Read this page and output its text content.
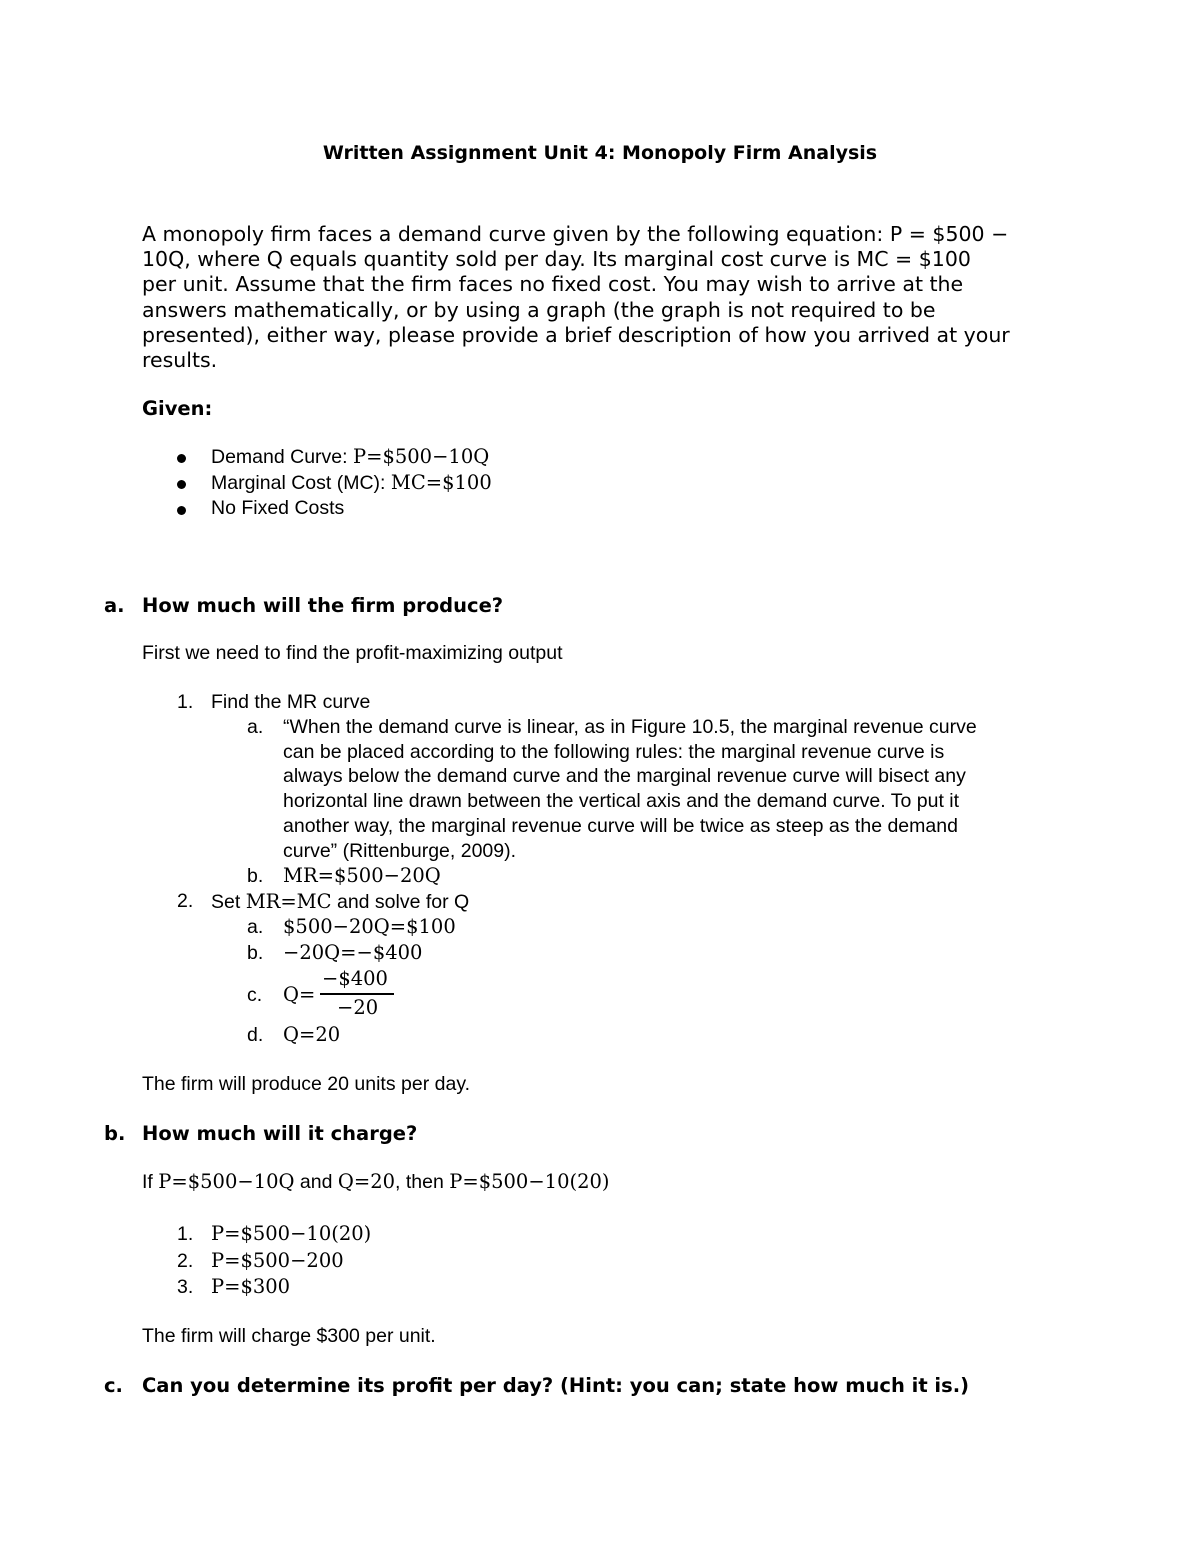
Written Assignment Unit 4: Monopoly Firm Analysis
A monopoly firm faces a demand curve given by the following equation: P = $500 −
10Q, where Q equals quantity sold per day. Its marginal cost curve is MC = $100
per unit. Assume that the firm faces no fixed cost. You may wish to arrive at the
answers mathematically, or by using a graph (the graph is not required to be
presented), either way, please provide a brief description of how you arrived at your
results.
Given:
Demand Curve: P=$500−10Q
Marginal Cost (MC): MC=$100
No Fixed Costs
a. How much will the firm produce?
First we need to find the profit-maximizing output
1. Find the MR curve
a. “When the demand curve is linear, as in Figure 10.5, the marginal revenue curve
can be placed according to the following rules: the marginal revenue curve is
always below the demand curve and the marginal revenue curve will bisect any
horizontal line drawn between the vertical axis and the demand curve. To put it
another way, the marginal revenue curve will be twice as steep as the demand
curve” (Rittenburge, 2009).
b. MR=$500−20Q
2. Set MR=MC and solve for Q
a. $500−20Q=$100
b. −20Q=−$400
c. Q=
−$400
−20
d. Q=20
The firm will produce 20 units per day.
b. How much will it charge?
If P=$500−10Q and Q=20, then P=$500−10(20)
1. P=$500−10(20)
2. P=$500−200
3. P=$300
The firm will charge $300 per unit.
c. Can you determine its profit per day? (Hint: you can; state how much it is.)
